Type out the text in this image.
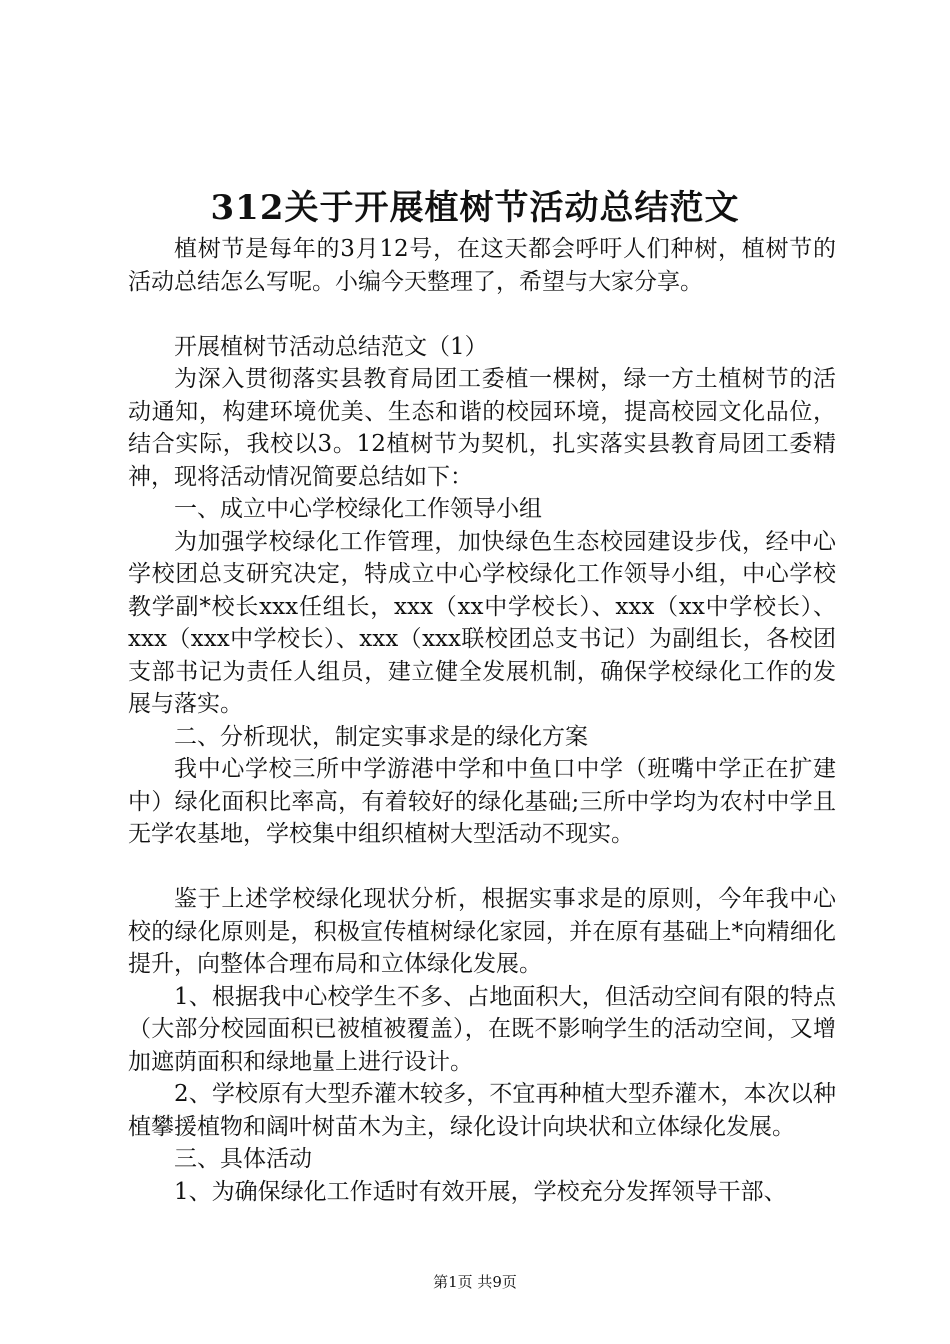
312关于开展植树节活动总结范文

植树节是每年的3月12号，在这天都会呼吁人们种树，植树节的活动总结怎么写呢。小编今天整理了，希望与大家分享。

开展植树节活动总结范文（1）

为深入贯彻落实县教育局团工委植一棵树，绿一方土植树节的活动通知，构建环境优美、生态和谐的校园环境，提高校园文化品位，结合实际，我校以3。12植树节为契机，扎实落实县教育局团工委精神，现将活动情况简要总结如下：

一、成立中心学校绿化工作领导小组

为加强学校绿化工作管理，加快绿色生态校园建设步伐，经中心学校团总支研究决定，特成立中心学校绿化工作领导小组，中心学校教学副*校长xxx任组长，xxx（xx中学校长）、xxx（xx中学校长）、xxx（xxx中学校长）、xxx（xxx联校团总支书记）为副组长，各校团支部书记为责任人组员，建立健全发展机制，确保学校绿化工作的发展与落实。

二、分析现状，制定实事求是的绿化方案

我中心学校三所中学游港中学和中鱼口中学（班嘴中学正在扩建中）绿化面积比率高，有着较好的绿化基础;三所中学均为农村中学且无学农基地，学校集中组织植树大型活动不现实。

鉴于上述学校绿化现状分析，根据实事求是的原则，今年我中心校的绿化原则是，积极宣传植树绿化家园，并在原有基础上*向精细化提升，向整体合理布局和立体绿化发展。

1、根据我中心校学生不多、占地面积大，但活动空间有限的特点（大部分校园面积已被植被覆盖），在既不影响学生的活动空间，又增加遮荫面积和绿地量上进行设计。

2、学校原有大型乔灌木较多，不宜再种植大型乔灌木，本次以种植攀援植物和阔叶树苗木为主，绿化设计向块状和立体绿化发展。

三、具体活动

1、为确保绿化工作适时有效开展，学校充分发挥领导干部、

第1页 共9页
